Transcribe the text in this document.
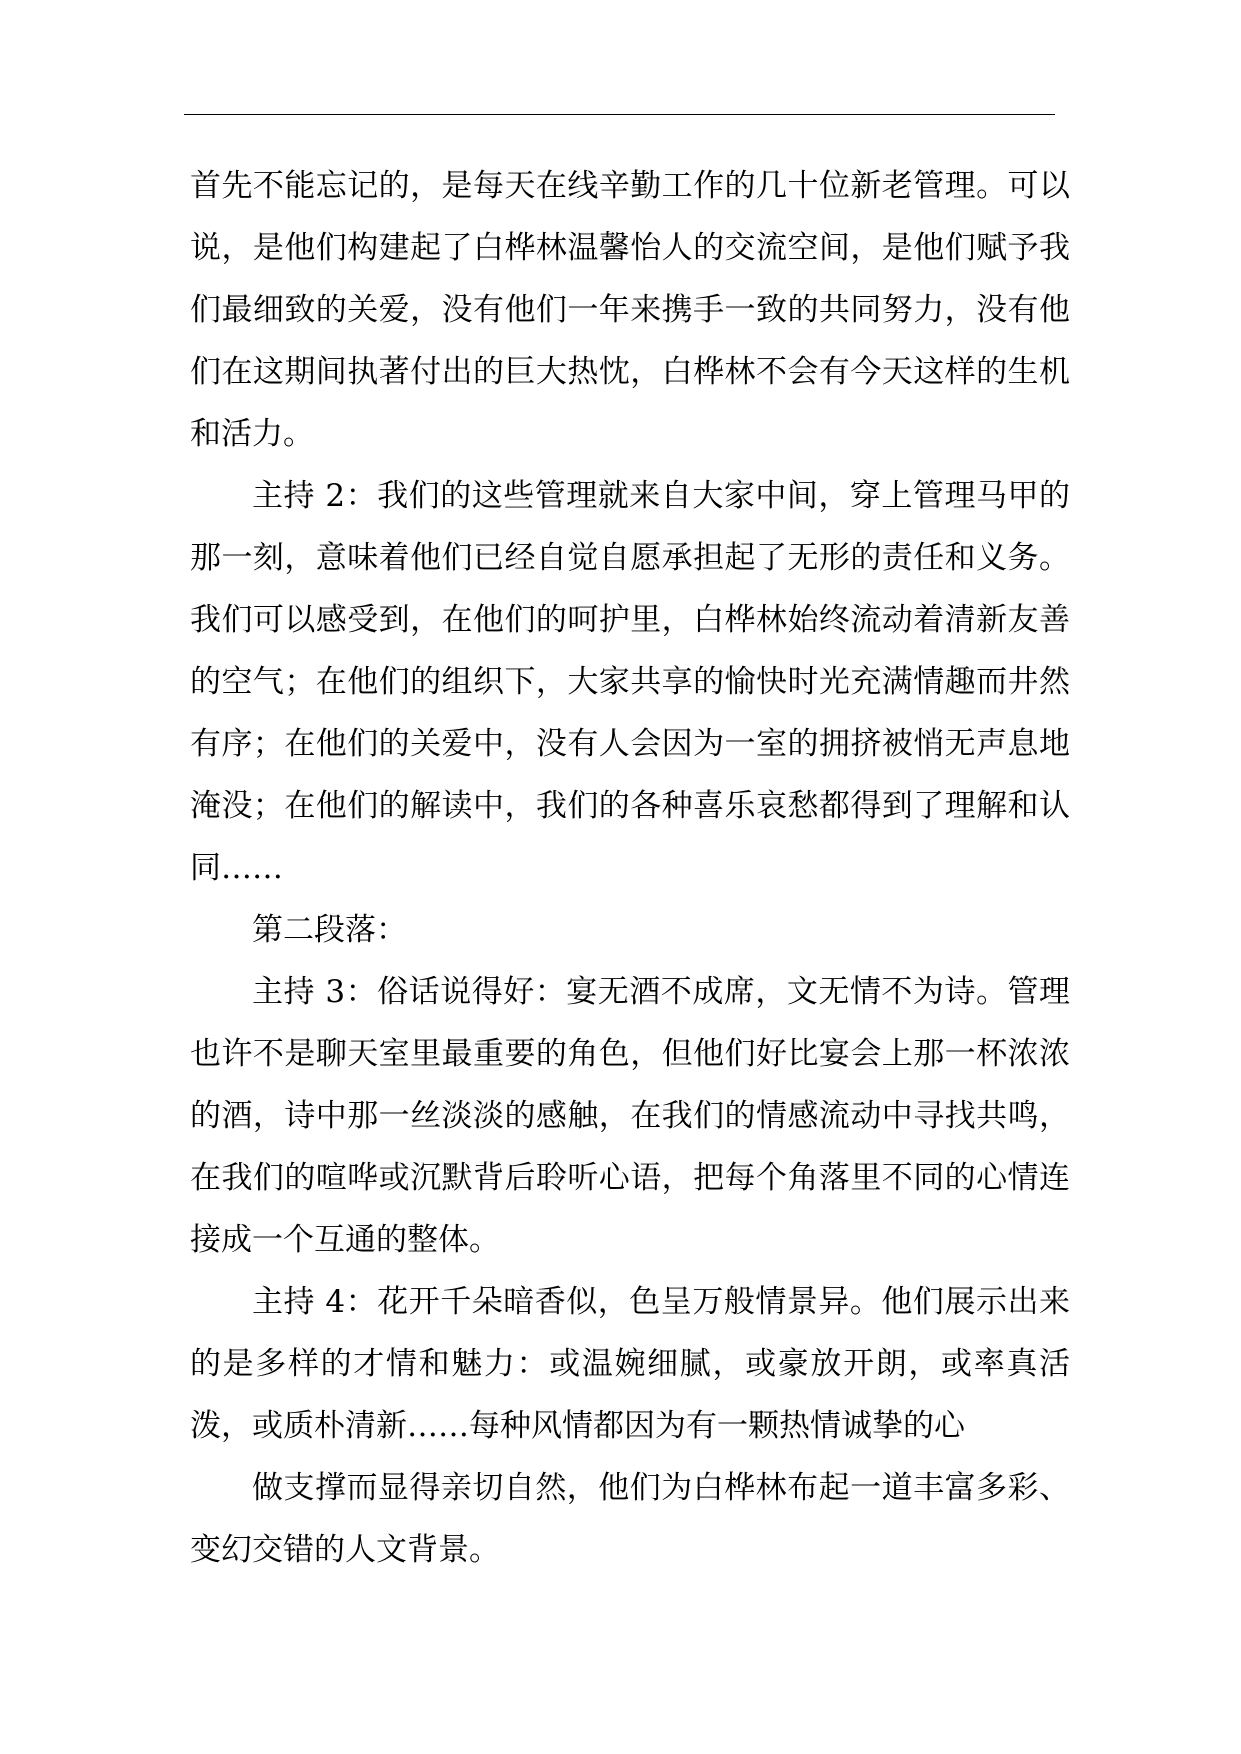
首先不能忘记的，是每天在线辛勤工作的几十位新老管理。可以说，是他们构建起了白桦林温馨怡人的交流空间，是他们赋予我们最细致的关爱，没有他们一年来携手一致的共同努力，没有他们在这期间执著付出的巨大热忱，白桦林不会有今天这样的生机和活力。

主持 2：我们的这些管理就来自大家中间，穿上管理马甲的那一刻，意味着他们已经自觉自愿承担起了无形的责任和义务。我们可以感受到，在他们的呵护里，白桦林始终流动着清新友善的空气；在他们的组织下，大家共享的愉快时光充满情趣而井然有序；在他们的关爱中，没有人会因为一室的拥挤被悄无声息地淹没；在他们的解读中，我们的各种喜乐哀愁都得到了理解和认同……

第二段落：

主持 3：俗话说得好：宴无酒不成席，文无情不为诗。管理也许不是聊天室里最重要的角色，但他们好比宴会上那一杯浓浓的酒，诗中那一丝淡淡的感触，在我们的情感流动中寻找共鸣，在我们的喧哗或沉默背后聆听心语，把每个角落里不同的心情连接成一个互通的整体。

主持 4：花开千朵暗香似，色呈万般情景异。他们展示出来的是多样的才情和魅力：或温婉细腻，或豪放开朗，或率真活泼，或质朴清新……每种风情都因为有一颗热情诚挚的心

做支撑而显得亲切自然，他们为白桦林布起一道丰富多彩、变幻交错的人文背景。
